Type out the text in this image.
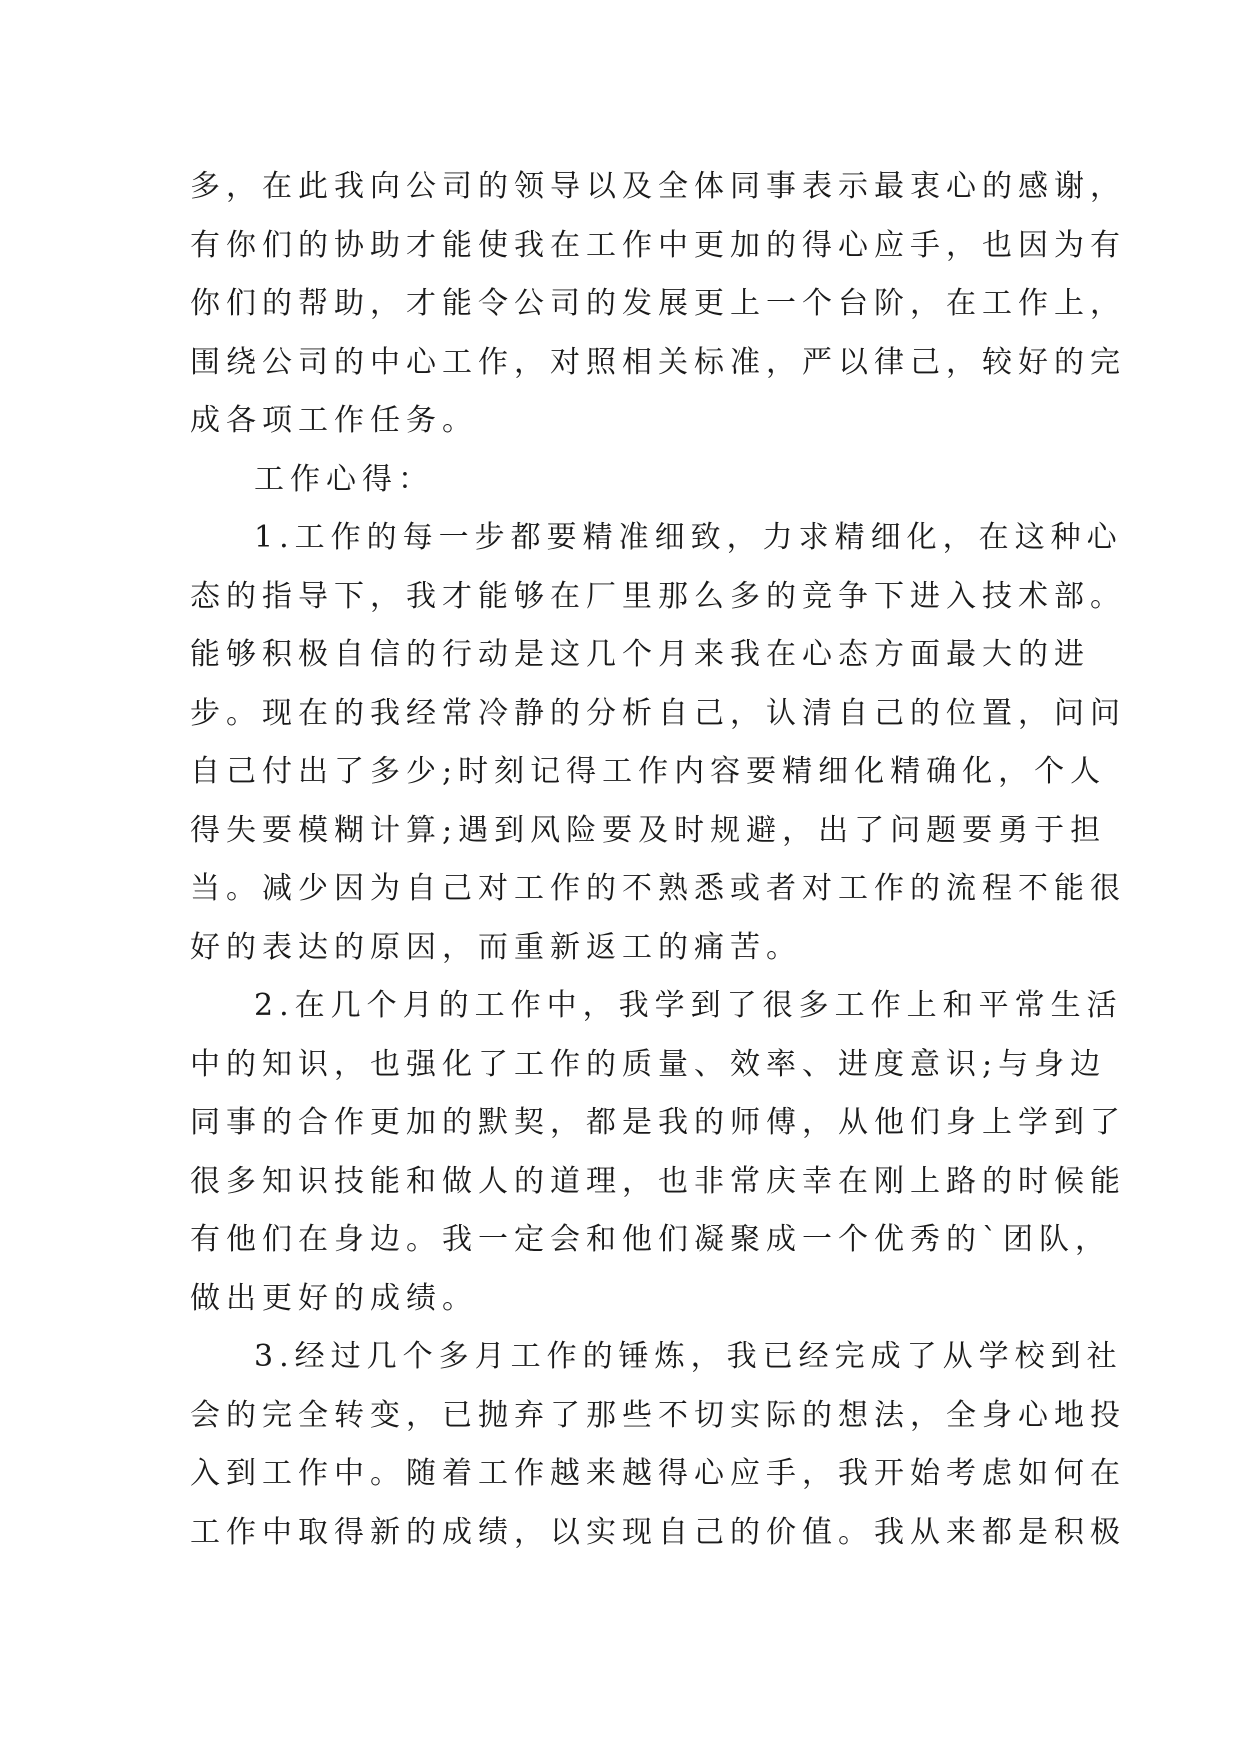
多，在此我向公司的领导以及全体同事表示最衷心的感谢，
有你们的协助才能使我在工作中更加的得心应手，也因为有
你们的帮助，才能令公司的发展更上一个台阶，在工作上，
围绕公司的中心工作，对照相关标准，严以律己，较好的完
成各项工作任务。
工作心得：
1.工作的每一步都要精准细致，力求精细化，在这种心
态的指导下，我才能够在厂里那么多的竞争下进入技术部。
能够积极自信的行动是这几个月来我在心态方面最大的进
步。现在的我经常冷静的分析自己，认清自己的位置，问问
自己付出了多少;时刻记得工作内容要精细化精确化，个人
得失要模糊计算;遇到风险要及时规避，出了问题要勇于担
当。减少因为自己对工作的不熟悉或者对工作的流程不能很
好的表达的原因，而重新返工的痛苦。
2.在几个月的工作中，我学到了很多工作上和平常生活
中的知识，也强化了工作的质量、效率、进度意识;与身边
同事的合作更加的默契，都是我的师傅，从他们身上学到了
很多知识技能和做人的道理，也非常庆幸在刚上路的时候能
有他们在身边。我一定会和他们凝聚成一个优秀的`团队，
做出更好的成绩。
3.经过几个多月工作的锤炼，我已经完成了从学校到社
会的完全转变，已抛弃了那些不切实际的想法，全身心地投
入到工作中。随着工作越来越得心应手，我开始考虑如何在
工作中取得新的成绩，以实现自己的价值。我从来都是积极
